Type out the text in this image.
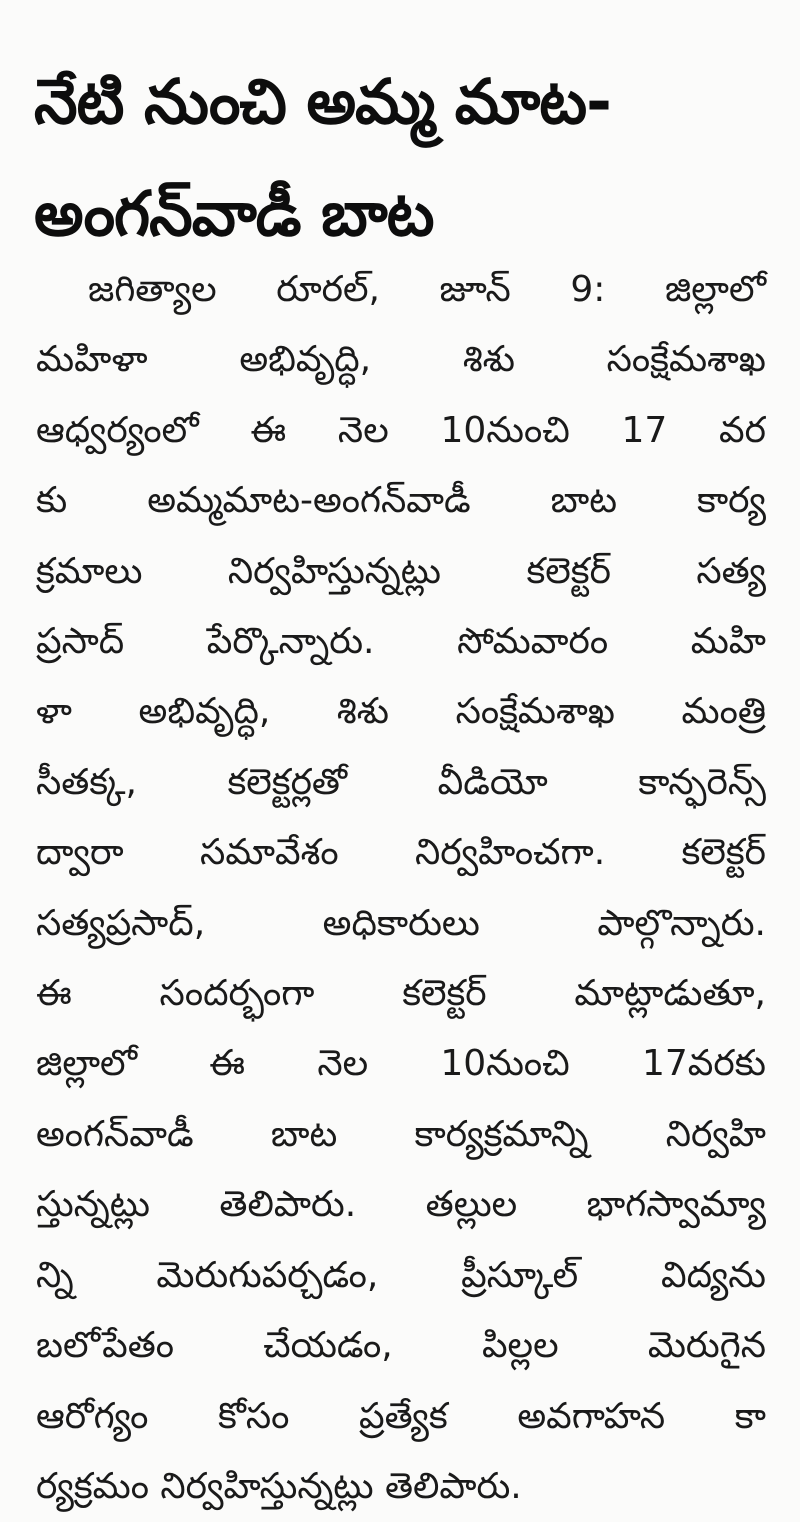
నేటి నుంచి అమ్మ మాట-
అంగన్‌వాడీ బాట
జగిత్యాల రూరల్, జూన్ 9: జిల్లాలో
మహిళా అభివృద్ధి, శిశు సంక్షేమశాఖ
ఆధ్వర్యంలో ఈ నెల 10నుంచి 17 వర
కు అమ్మమాట-అంగన్‌వాడీ బాట కార్య
క్రమాలు నిర్వహిస్తున్నట్లు కలెక్టర్ సత్య
ప్రసాద్ పేర్కొన్నారు. సోమవారం మహి
ళా అభివృద్ధి, శిశు సంక్షేమశాఖ మంత్రి
సీతక్క, కలెక్టర్లతో వీడియో కాన్ఫరెన్స్
ద్వారా సమావేశం నిర్వహించగా. కలెక్టర్
సత్యప్రసాద్, అధికారులు పాల్గొన్నారు.
ఈ సందర్భంగా కలెక్టర్ మాట్లాడుతూ,
జిల్లాలో ఈ నెల 10నుంచి 17వరకు
అంగన్‌వాడీ బాట కార్యక్రమాన్ని నిర్వహి
స్తున్నట్లు తెలిపారు. తల్లుల భాగస్వామ్యా
న్ని మెరుగుపర్చడం, ప్రీస్కూల్ విద్యను
బలోపేతం చేయడం, పిల్లల మెరుగైన
ఆరోగ్యం కోసం ప్రత్యేక అవగాహన కా
ర్యక్రమం నిర్వహిస్తున్నట్లు తెలిపారు.
